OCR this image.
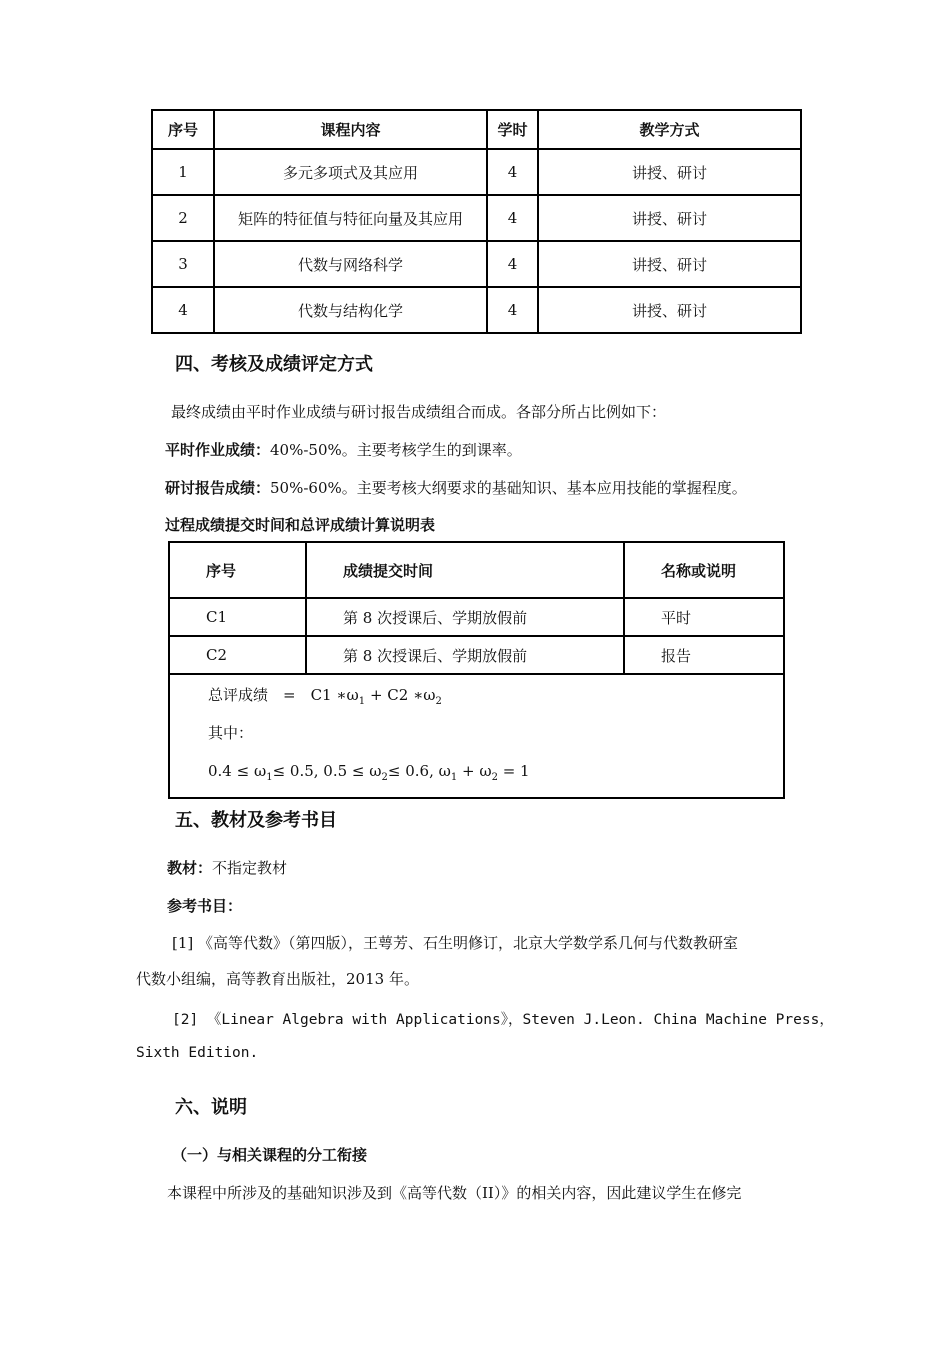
序号	课程内容	学时	教学方式
1	多元多项式及其应用	4	讲授、研讨
2	矩阵的特征值与特征向量及其应用	4	讲授、研讨
3	代数与网络科学	4	讲授、研讨
4	代数与结构化学	4	讲授、研讨
四、考核及成绩评定方式
最终成绩由平时作业成绩与研讨报告成绩组合而成。各部分所占比例如下：
平时作业成绩：40%-50%。主要考核学生的到课率。
研讨报告成绩：50%-60%。主要考核大纲要求的基础知识、基本应用技能的掌握程度。
过程成绩提交时间和总评成绩计算说明表
序号	成绩提交时间	名称或说明
C1	第 8 次授课后、学期放假前	平时
C2	第 8 次授课后、学期放假前	报告

总评成绩　=　C1 $∗\omega_1 + C2$ $∗\omega_2$
其中：
$0.4 \le \omega_1\le 0.5$, $0.5 \le \omega_2\le 0.6$, $\omega_1 + \omega_2 = 1$		
五、教材及参考书目
教材：不指定教材
参考书目：
[1] 《高等代数》（第四版），王萼芳、石生明修订，北京大学数学系几何与代数教研室
代数小组编，高等教育出版社，2013 年。
[2] 《Linear Algebra with Applications》，Steven J.Leon. China Machine Press，
Sixth Edition.
六、说明
（一）与相关课程的分工衔接
本课程中所涉及的基础知识涉及到《高等代数（II）》的相关内容，因此建议学生在修完
